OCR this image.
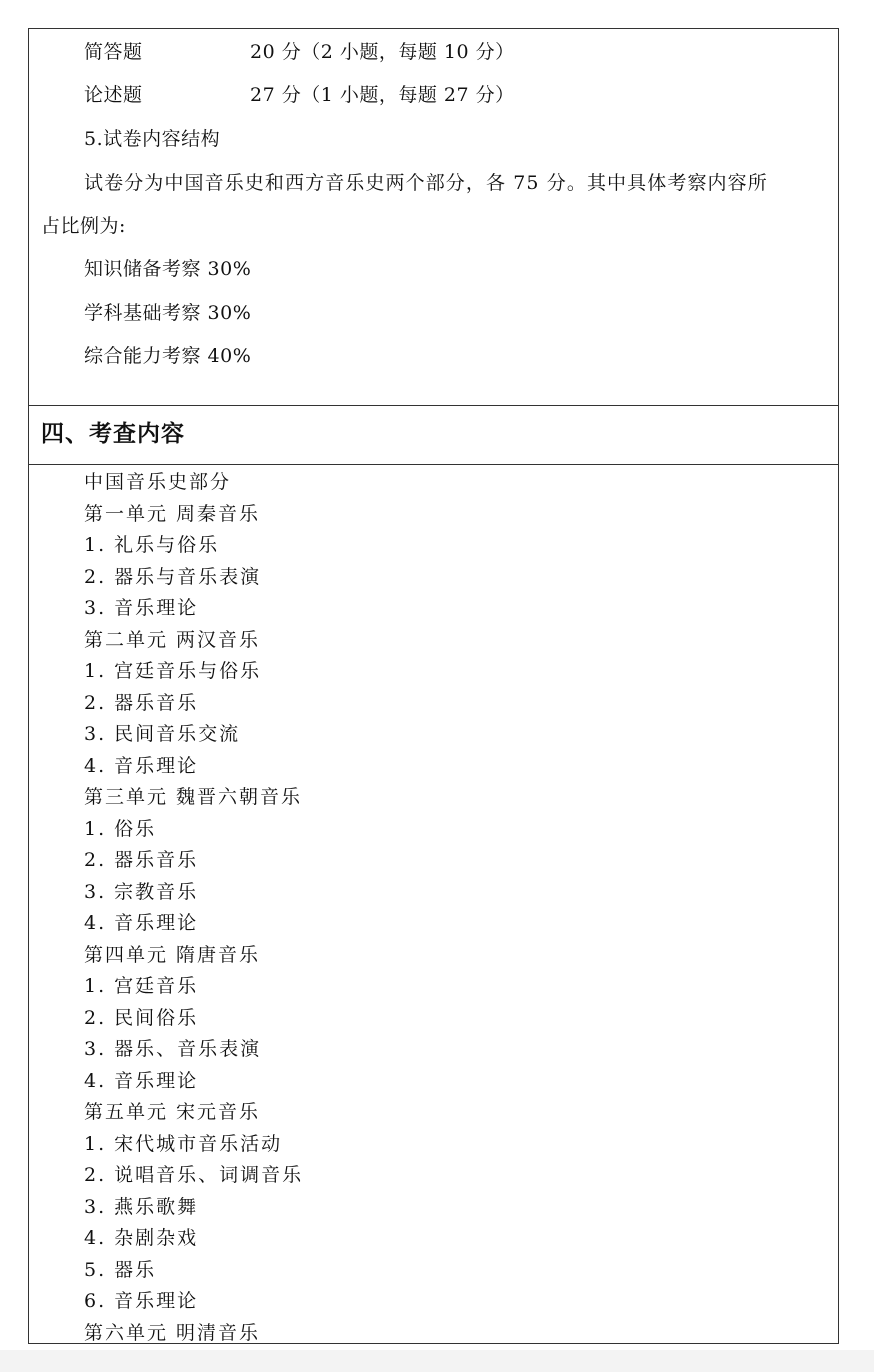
简答题	20 分（2 小题，每题 10 分）
论述题	27 分（1 小题，每题 27 分）
5.试卷内容结构
试卷分为中国音乐史和西方音乐史两个部分，各 75 分。其中具体考察内容所
占比例为:
知识储备考察 30%
学科基础考察 30%
综合能力考察 40%
四、考查内容
中国音乐史部分
第一单元 周秦音乐
1. 礼乐与俗乐
2. 器乐与音乐表演
3. 音乐理论
第二单元 两汉音乐
1. 宫廷音乐与俗乐
2. 器乐音乐
3. 民间音乐交流
4. 音乐理论
第三单元 魏晋六朝音乐
1. 俗乐
2. 器乐音乐
3. 宗教音乐
4. 音乐理论
第四单元 隋唐音乐
1. 宫廷音乐
2. 民间俗乐
3. 器乐、音乐表演
4. 音乐理论
第五单元 宋元音乐
1. 宋代城市音乐活动
2. 说唱音乐、词调音乐
3. 燕乐歌舞
4. 杂剧杂戏
5. 器乐
6. 音乐理论
第六单元 明清音乐
